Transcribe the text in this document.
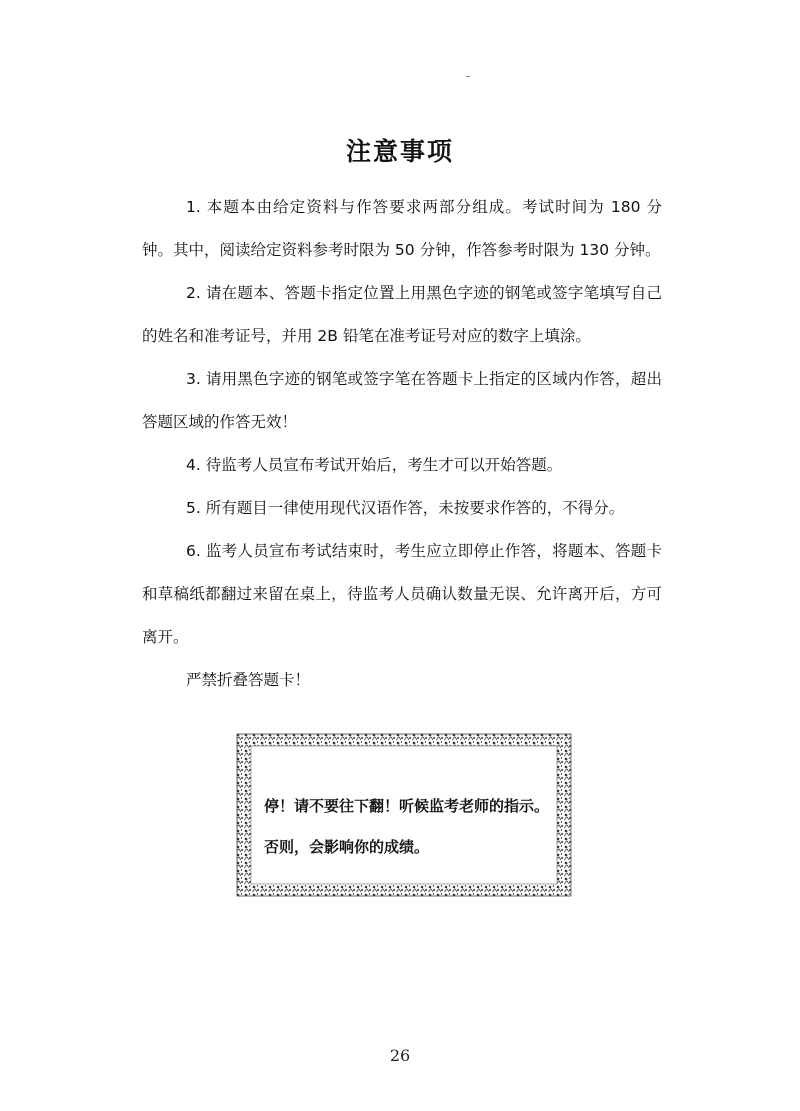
注意事项

1. 本题本由给定资料与作答要求两部分组成。考试时间为 180 分钟。其中，阅读给定资料参考时限为 50 分钟，作答参考时限为 130 分钟。

2. 请在题本、答题卡指定位置上用黑色字迹的钢笔或签字笔填写自己的姓名和准考证号，并用 2B 铅笔在准考证号对应的数字上填涂。

3. 请用黑色字迹的钢笔或签字笔在答题卡上指定的区域内作答，超出答题区域的作答无效！

4. 待监考人员宣布考试开始后，考生才可以开始答题。

5. 所有题目一律使用现代汉语作答，未按要求作答的，不得分。

6. 监考人员宣布考试结束时，考生应立即停止作答，将题本、答题卡和草稿纸都翻过来留在桌上，待监考人员确认数量无误、允许离开后，方可离开。

严禁折叠答题卡！

停！请不要往下翻！听候监考老师的指示。
否则，会影响你的成绩。
26
